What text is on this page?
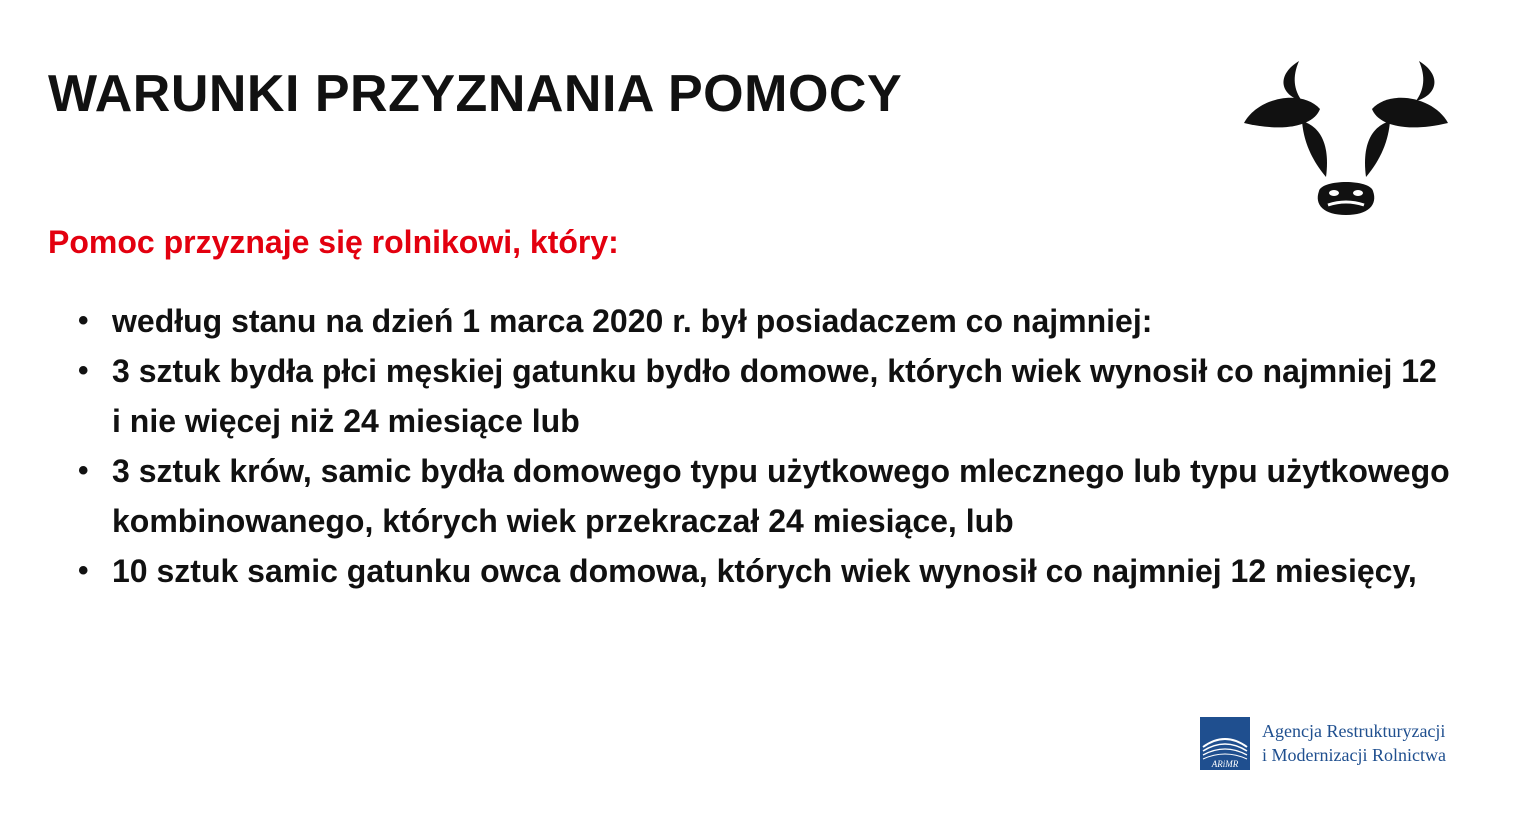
WARUNKI PRZYZNANIA POMOCY

Pomoc przyznaje się rolnikowi, który:

• według stanu na dzień 1 marca 2020 r. był posiadaczem co najmniej:
• 3 sztuk bydła płci męskiej gatunku bydło domowe, których wiek wynosił co najmniej 12 i nie więcej niż 24 miesiące lub
• 3 sztuk krów, samic bydła domowego typu użytkowego mlecznego lub typu użytkowego kombinowanego, których wiek przekraczał 24 miesiące, lub
• 10 sztuk samic gatunku owca domowa, których wiek wynosił co najmniej 12 miesięcy,
ARiMR
Agencja Restrukturyzacji
i Modernizacji Rolnictwa
